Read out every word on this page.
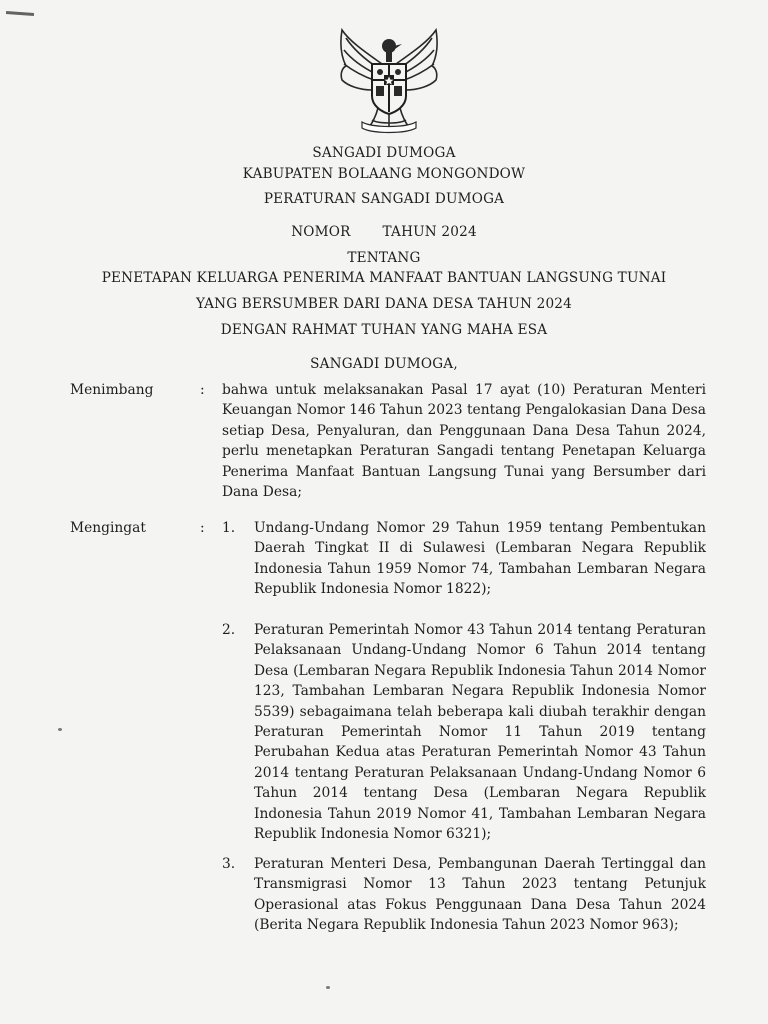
SANGADI DUMOGA
KABUPATEN BOLAANG MONGONDOW
PERATURAN SANGADI DUMOGA
NOMOR TAHUN 2024
TENTANG
PENETAPAN KELUARGA PENERIMA MANFAAT BANTUAN LANGSUNG TUNAI
YANG BERSUMBER DARI DANA DESA TAHUN 2024
DENGAN RAHMAT TUHAN YANG MAHA ESA
SANGADI DUMOGA,
Menimbang	: bahwa untuk melaksanakan Pasal 17 ayat (10) Peraturan Menteri Keuangan Nomor 146 Tahun 2023 tentang Pengalokasian Dana Desa setiap Desa, Penyaluran, dan Penggunaan Dana Desa Tahun 2024, perlu menetapkan Peraturan Sangadi tentang Penetapan Keluarga Penerima Manfaat Bantuan Langsung Tunai yang Bersumber dari Dana Desa;

Mengingat	: 1. Undang-Undang Nomor 29 Tahun 1959 tentang Pembentukan Daerah Tingkat II di Sulawesi (Lembaran Negara Republik Indonesia Tahun 1959 Nomor 74, Tambahan Lembaran Negara Republik Indonesia Nomor 1822);

2. Peraturan Pemerintah Nomor 43 Tahun 2014 tentang Peraturan Pelaksanaan Undang-Undang Nomor 6 Tahun 2014 tentang Desa (Lembaran Negara Republik Indonesia Tahun 2014 Nomor 123, Tambahan Lembaran Negara Republik Indonesia Nomor 5539) sebagaimana telah beberapa kali diubah terakhir dengan Peraturan Pemerintah Nomor 11 Tahun 2019 tentang Perubahan Kedua atas Peraturan Pemerintah Nomor 43 Tahun 2014 tentang Peraturan Pelaksanaan Undang-Undang Nomor 6 Tahun 2014 tentang Desa (Lembaran Negara Republik Indonesia Tahun 2019 Nomor 41, Tambahan Lembaran Negara Republik Indonesia Nomor 6321);

3. Peraturan Menteri Desa, Pembangunan Daerah Tertinggal dan Transmigrasi Nomor 13 Tahun 2023 tentang Petunjuk Operasional atas Fokus Penggunaan Dana Desa Tahun 2024 (Berita Negara Republik Indonesia Tahun 2023 Nomor 963);
